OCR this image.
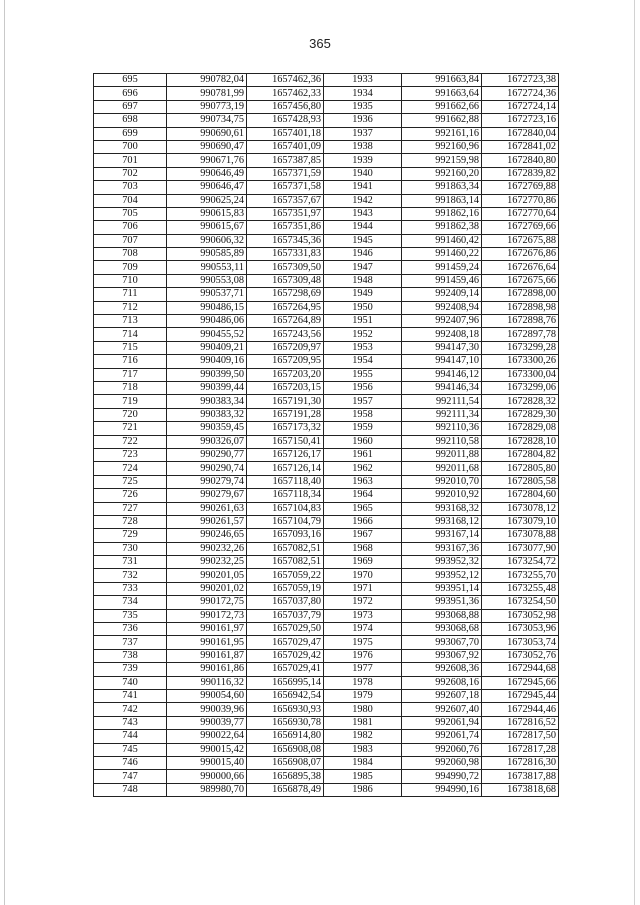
365
695	990782,04	1657462,36	1933	991663,84	1672723,38
696	990781,99	1657462,33	1934	991663,64	1672724,36
697	990773,19	1657456,80	1935	991662,66	1672724,14
698	990734,75	1657428,93	1936	991662,88	1672723,16
699	990690,61	1657401,18	1937	992161,16	1672840,04
700	990690,47	1657401,09	1938	992160,96	1672841,02
701	990671,76	1657387,85	1939	992159,98	1672840,80
702	990646,49	1657371,59	1940	992160,20	1672839,82
703	990646,47	1657371,58	1941	991863,34	1672769,88
704	990625,24	1657357,67	1942	991863,14	1672770,86
705	990615,83	1657351,97	1943	991862,16	1672770,64
706	990615,67	1657351,86	1944	991862,38	1672769,66
707	990606,32	1657345,36	1945	991460,42	1672675,88
708	990585,89	1657331,83	1946	991460,22	1672676,86
709	990553,11	1657309,50	1947	991459,24	1672676,64
710	990553,08	1657309,48	1948	991459,46	1672675,66
711	990537,71	1657298,69	1949	992409,14	1672898,00
712	990486,15	1657264,95	1950	992408,94	1672898,98
713	990486,06	1657264,89	1951	992407,96	1672898,76
714	990455,52	1657243,56	1952	992408,18	1672897,78
715	990409,21	1657209,97	1953	994147,30	1673299,28
716	990409,16	1657209,95	1954	994147,10	1673300,26
717	990399,50	1657203,20	1955	994146,12	1673300,04
718	990399,44	1657203,15	1956	994146,34	1673299,06
719	990383,34	1657191,30	1957	992111,54	1672828,32
720	990383,32	1657191,28	1958	992111,34	1672829,30
721	990359,45	1657173,32	1959	992110,36	1672829,08
722	990326,07	1657150,41	1960	992110,58	1672828,10
723	990290,77	1657126,17	1961	992011,88	1672804,82
724	990290,74	1657126,14	1962	992011,68	1672805,80
725	990279,74	1657118,40	1963	992010,70	1672805,58
726	990279,67	1657118,34	1964	992010,92	1672804,60
727	990261,63	1657104,83	1965	993168,32	1673078,12
728	990261,57	1657104,79	1966	993168,12	1673079,10
729	990246,65	1657093,16	1967	993167,14	1673078,88
730	990232,26	1657082,51	1968	993167,36	1673077,90
731	990232,25	1657082,51	1969	993952,32	1673254,72
732	990201,05	1657059,22	1970	993952,12	1673255,70
733	990201,02	1657059,19	1971	993951,14	1673255,48
734	990172,75	1657037,80	1972	993951,36	1673254,50
735	990172,73	1657037,79	1973	993068,88	1673052,98
736	990161,97	1657029,50	1974	993068,68	1673053,96
737	990161,95	1657029,47	1975	993067,70	1673053,74
738	990161,87	1657029,42	1976	993067,92	1673052,76
739	990161,86	1657029,41	1977	992608,36	1672944,68
740	990116,32	1656995,14	1978	992608,16	1672945,66
741	990054,60	1656942,54	1979	992607,18	1672945,44
742	990039,96	1656930,93	1980	992607,40	1672944,46
743	990039,77	1656930,78	1981	992061,94	1672816,52
744	990022,64	1656914,80	1982	992061,74	1672817,50
745	990015,42	1656908,08	1983	992060,76	1672817,28
746	990015,40	1656908,07	1984	992060,98	1672816,30
747	990000,66	1656895,38	1985	994990,72	1673817,88
748	989980,70	1656878,49	1986	994990,16	1673818,68
